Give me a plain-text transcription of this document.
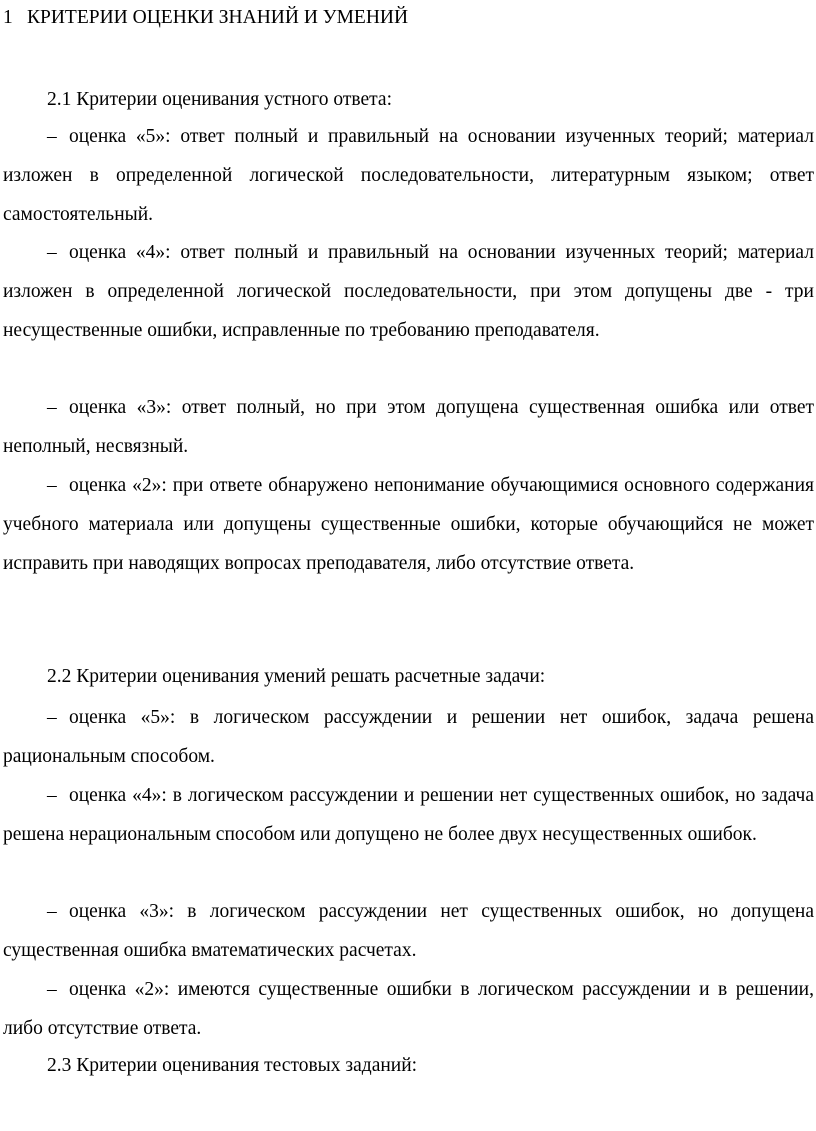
1 КРИТЕРИИ ОЦЕНКИ ЗНАНИЙ И УМЕНИЙ
2.1 Критерии оценивания устного ответа:

– оценка «5»: ответ полный и правильный на основании изученных теорий; материал изложен в определенной логической последовательности, литературным языком; ответ самостоятельный.

– оценка «4»: ответ полный и правильный на основании изученных теорий; материал изложен в определенной логической последовательности, при этом допущены две - три несущественные ошибки, исправленные по требованию преподавателя.

– оценка «3»: ответ полный, но при этом допущена существенная ошибка или ответ неполный, несвязный.

– оценка «2»: при ответе обнаружено непонимание обучающимися основного содержания учебного материала или допущены существенные ошибки, которые обучающийся не может исправить при наводящих вопросах преподавателя, либо отсутствие ответа.

2.2 Критерии оценивания умений решать расчетные задачи:

– оценка «5»: в логическом рассуждении и решении нет ошибок, задача решена рациональным способом.

– оценка «4»: в логическом рассуждении и решении нет существенных ошибок, но задача решена нерациональным способом или допущено не более двух несущественных ошибок.

– оценка «3»: в логическом рассуждении нет существенных ошибок, но допущена существенная ошибка вматематических расчетах.

– оценка «2»: имеются существенные ошибки в логическом рассуждении и в решении, либо отсутствие ответа.

2.3 Критерии оценивания тестовых заданий:
